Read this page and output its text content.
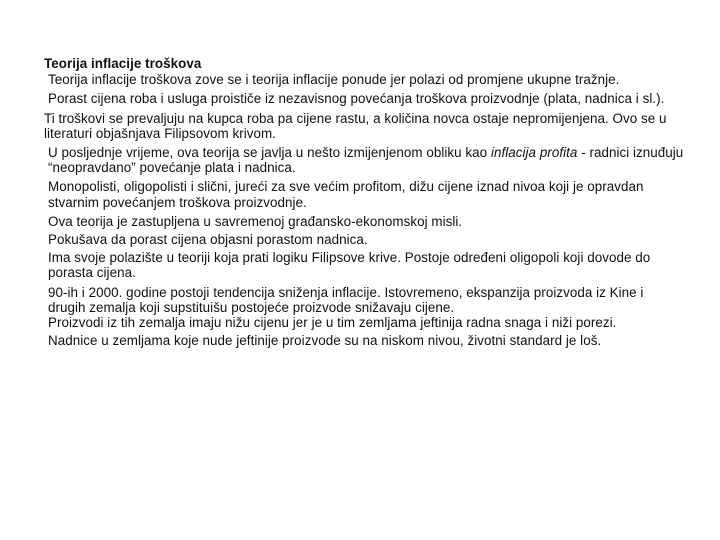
Teorija inflacije troškova
Teorija inflacije troškova zove se i teorija inflacije ponude jer polazi od promjene ukupne tražnje.
Porast cijena roba i usluga proističe iz nezavisnog povećanja troškova proizvodnje (plata, nadnica i sl.).
Ti troškovi se prevaljuju na kupca roba pa cijene rastu, a količina novca ostaje nepromijenjena. Ovo se u literaturi objašnjava Filipsovom krivom.
U posljednje vrijeme, ova teorija se javlja u nešto izmijenjenom obliku kao inflacija profita - radnici iznuđuju “neopravdano” povećanje plata i nadnica.
Monopolisti, oligopolisti i slični, jureći za sve većim profitom, dižu cijene iznad nivoa koji je opravdan stvarnim povećanjem troškova proizvodnje.
Ova teorija je zastupljena u savremenoj građansko-ekonomskoj misli.
Pokušava da porast cijena objasni porastom nadnica.
Ima svoje polazište u teoriji koja prati logiku Filipsove krive. Postoje određeni oligopoli koji dovode do porasta cijena.
90-ih i 2000. godine postoji tendencija sniženja inflacije. Istovremeno, ekspanzija proizvoda iz Kine i drugih zemalja koji supstituišu postojeće proizvode snižavaju cijene.
Proizvodi iz tih zemalja imaju nižu cijenu jer je u tim zemljama jeftinija radna snaga i niži porezi.
Nadnice u zemljama koje nude jeftinije proizvode su na niskom nivou, životni standard je loš.
